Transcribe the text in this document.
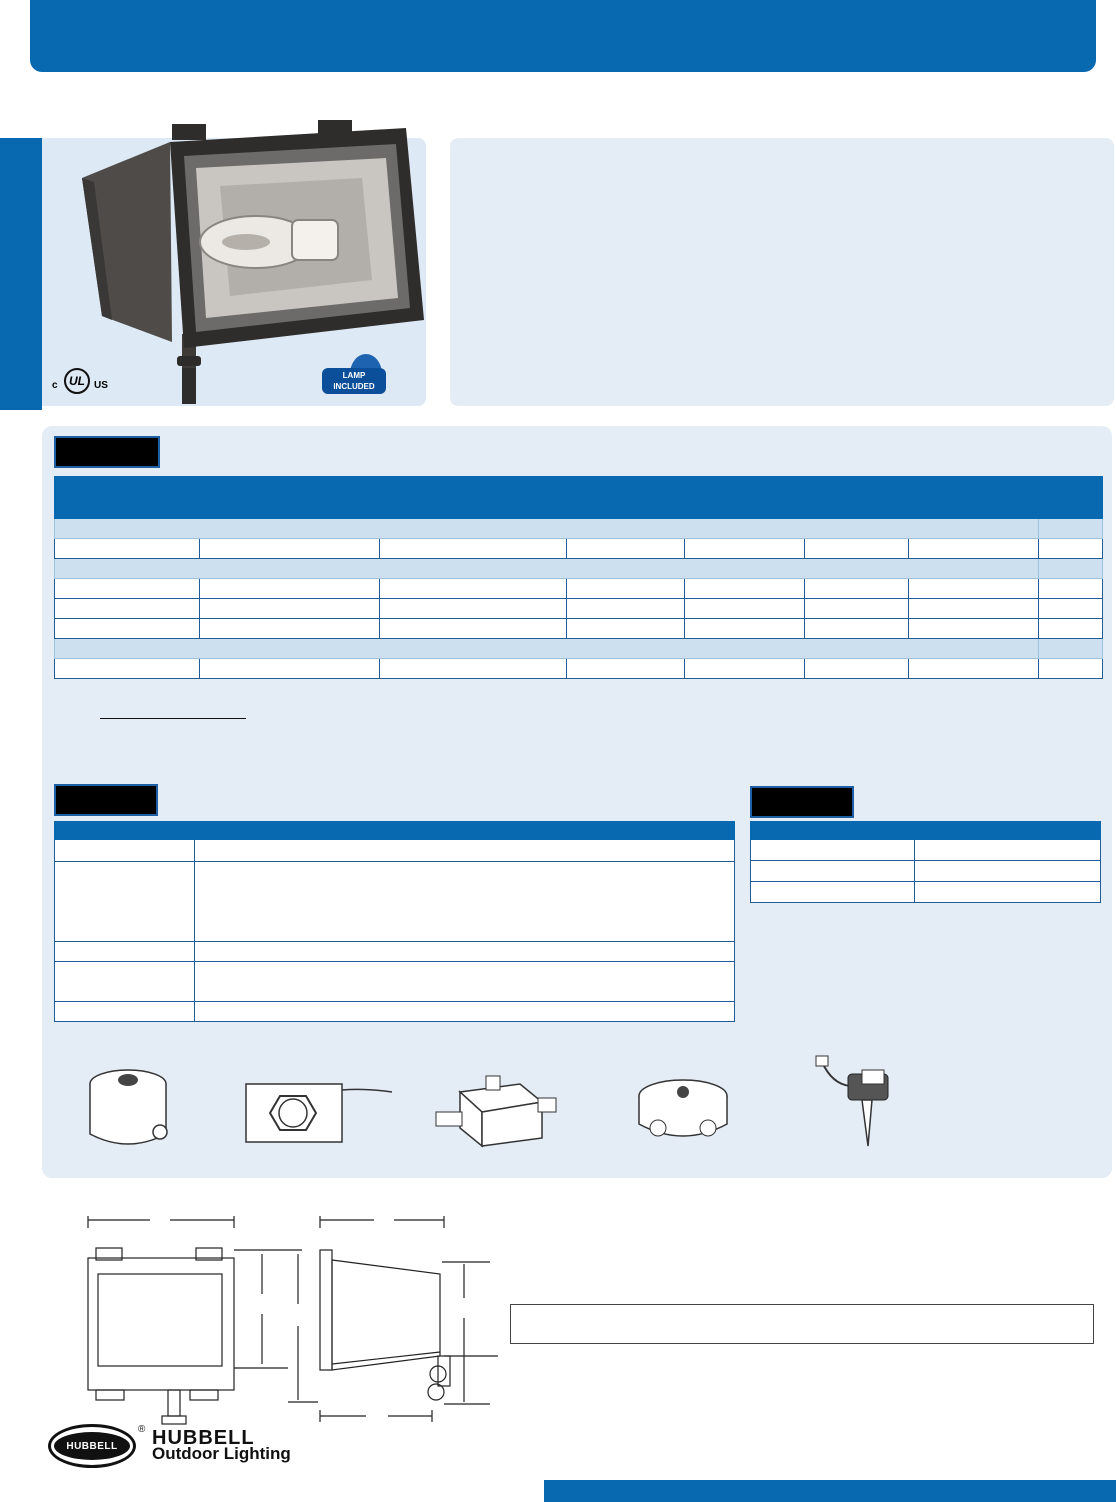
c UL US
LAMP
INCLUDED

HUBBELL
® HUBBELL
Outdoor Lighting
